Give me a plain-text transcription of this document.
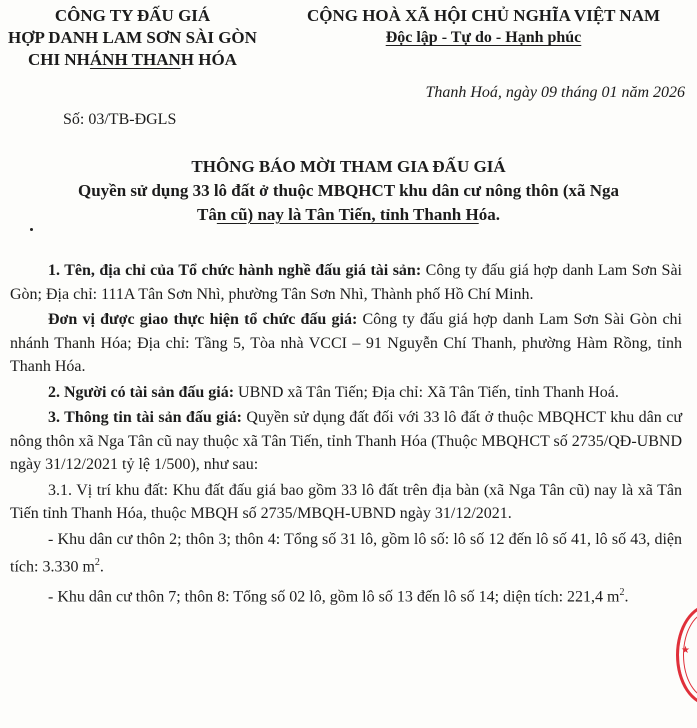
CÔNG TY ĐẤU GIÁ
HỢP DANH LAM SƠN SÀI GÒN
CHI NHÁNH THANH HÓA
CỘNG HOÀ XÃ HỘI CHỦ NGHĨA VIỆT NAM
Độc lập - Tự do - Hạnh phúc
Thanh Hoá, ngày 09 tháng 01 năm 2026
Số: 03/TB-ĐGLS
THÔNG BÁO MỜI THAM GIA ĐẤU GIÁ
Quyền sử dụng 33 lô đất ở thuộc MBQHCT khu dân cư nông thôn (xã Nga
Tân cũ) nay là Tân Tiến, tỉnh Thanh Hóa.

1. Tên, địa chỉ của Tổ chức hành nghề đấu giá tài sản: Công ty đấu giá hợp danh Lam Sơn Sài Gòn; Địa chỉ: 111A Tân Sơn Nhì, phường Tân Sơn Nhì, Thành phố Hồ Chí Minh.

Đơn vị được giao thực hiện tổ chức đấu giá: Công ty đấu giá hợp danh Lam Sơn Sài Gòn chi nhánh Thanh Hóa; Địa chỉ: Tầng 5, Tòa nhà VCCI – 91 Nguyễn Chí Thanh, phường Hàm Rồng, tỉnh Thanh Hóa.

2. Người có tài sản đấu giá: UBND xã Tân Tiến; Địa chỉ: Xã Tân Tiến, tỉnh Thanh Hoá.

3. Thông tin tài sản đấu giá: Quyền sử dụng đất đối với 33 lô đất ở thuộc MBQHCT khu dân cư nông thôn xã Nga Tân cũ nay thuộc xã Tân Tiến, tỉnh Thanh Hóa (Thuộc MBQHCT số 2735/QĐ-UBND ngày 31/12/2021 tỷ lệ 1/500), như sau:

3.1. Vị trí khu đất: Khu đất đấu giá bao gồm 33 lô đất trên địa bàn (xã Nga Tân cũ) nay là xã Tân Tiến tỉnh Thanh Hóa, thuộc MBQH số 2735/MBQH-UBND ngày 31/12/2021.

- Khu dân cư thôn 2; thôn 3; thôn 4: Tổng số 31 lô, gồm lô số: lô số 12 đến lô số 41, lô số 43, diện tích: 3.330 $m^2$.

- Khu dân cư thôn 7; thôn 8: Tổng số 02 lô, gồm lô số 13 đến lô số 14; diện tích: 221,4 $m^2$.

★
